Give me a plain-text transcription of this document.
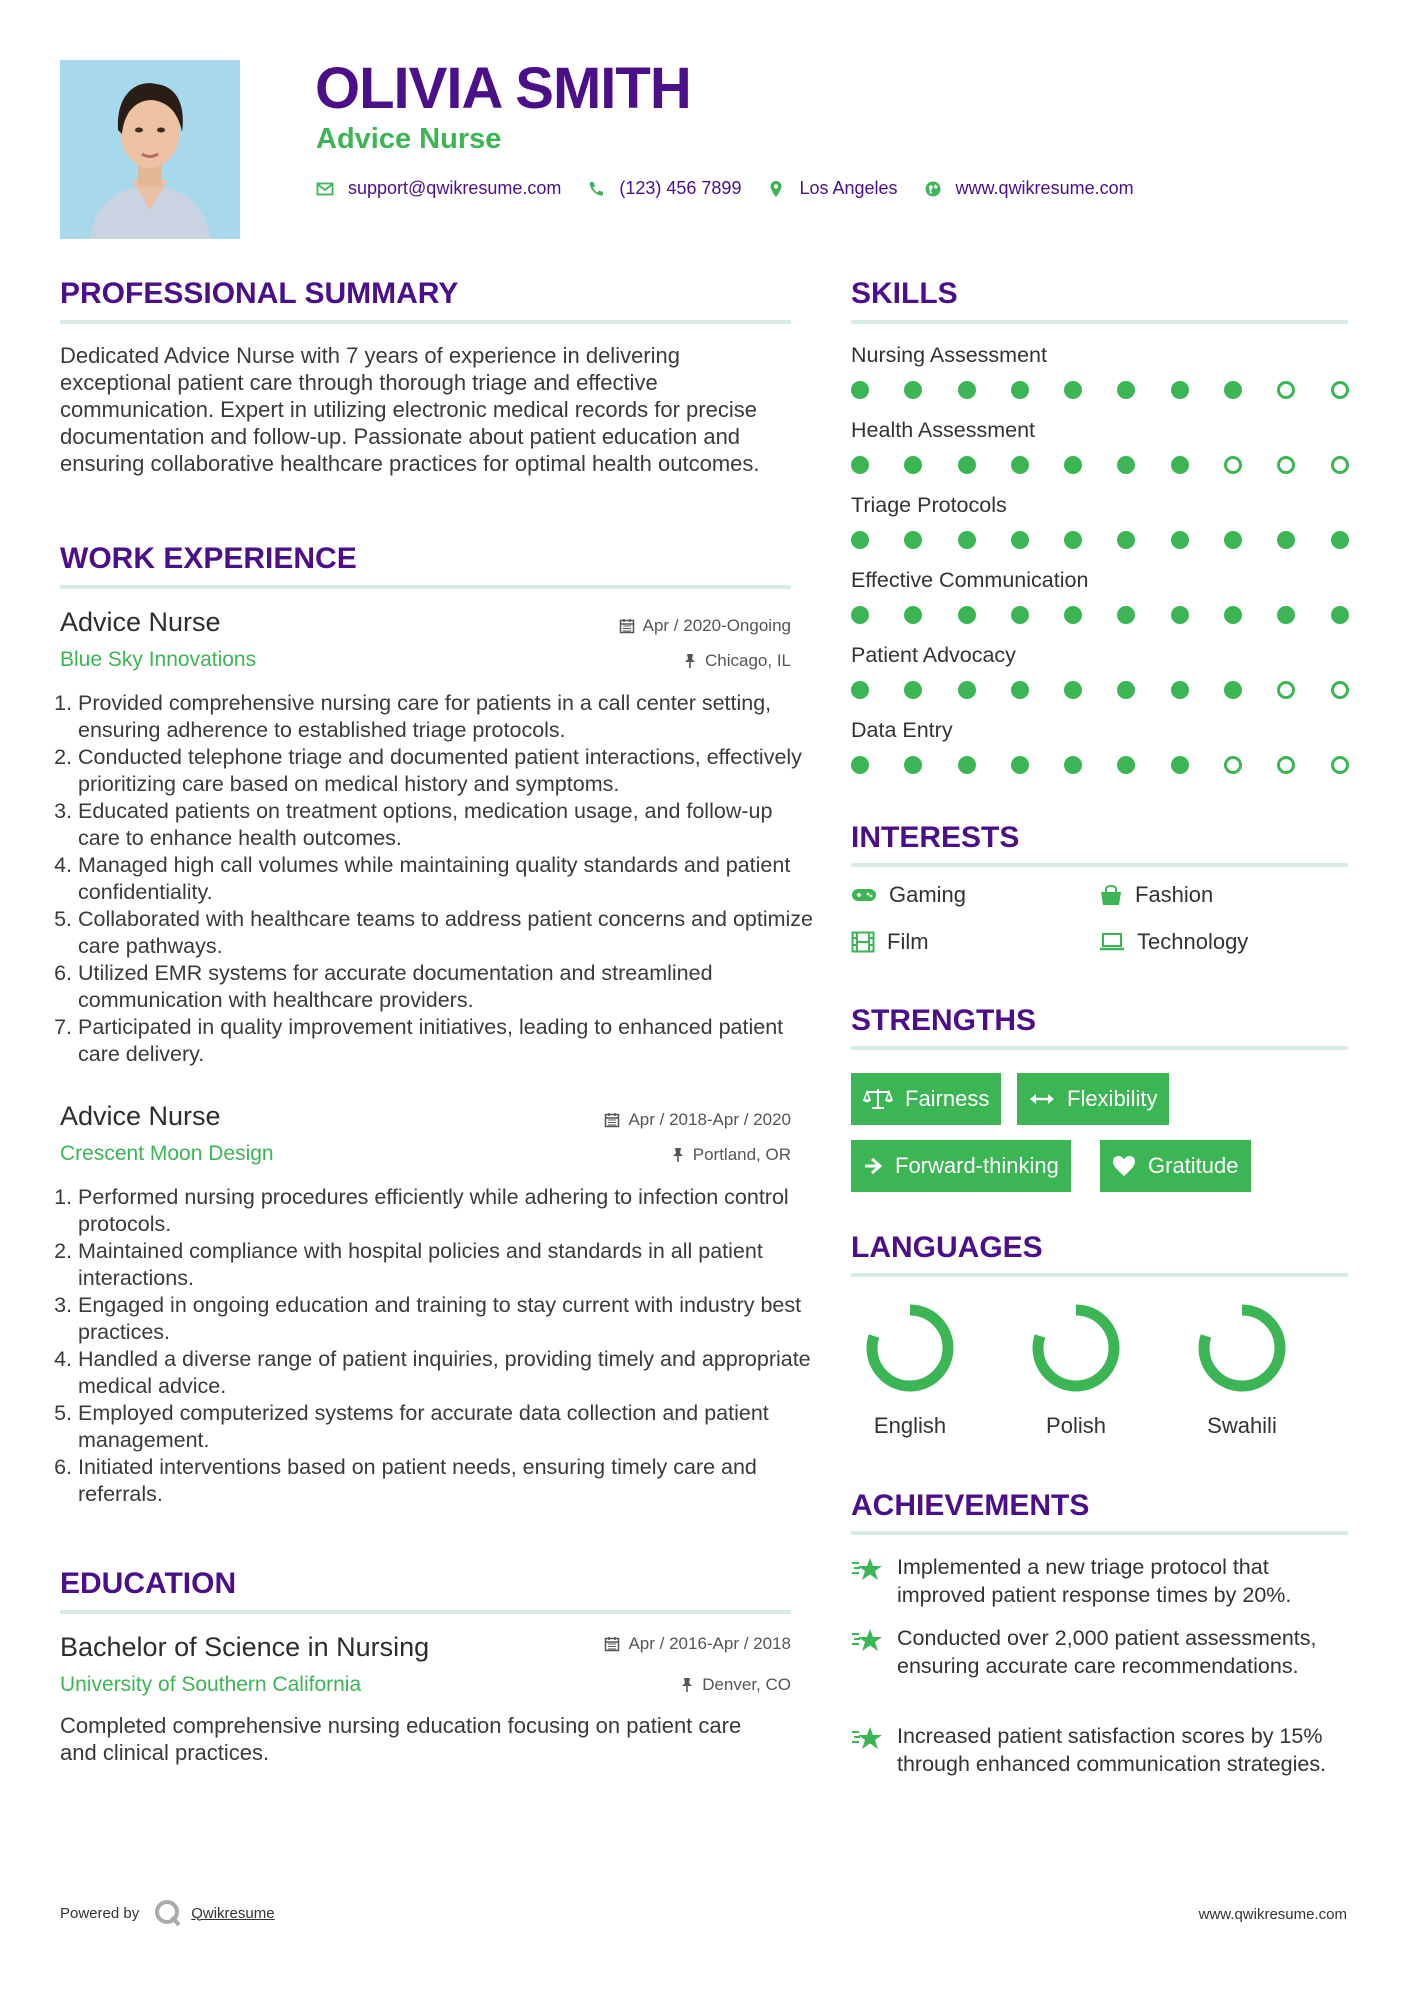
OLIVIA SMITH
Advice Nurse
support@qwikresume.com	(123) 456 7899	Los Angeles	www.qwikresume.com
PROFESSIONAL SUMMARY

Dedicated Advice Nurse with 7 years of experience in delivering exceptional patient care through thorough triage and effective communication. Expert in utilizing electronic medical records for precise documentation and follow-up. Passionate about patient education and ensuring collaborative healthcare practices for optimal health outcomes.

WORK EXPERIENCE
Advice Nurse
Blue Sky Innovations
Apr / 2020-Ongoing
Chicago, IL
1. Provided comprehensive nursing care for patients in a call center setting, ensuring adherence to established triage protocols.
2. Conducted telephone triage and documented patient interactions, effectively prioritizing care based on medical history and symptoms.
3. Educated patients on treatment options, medication usage, and follow-up care to enhance health outcomes.
4. Managed high call volumes while maintaining quality standards and patient confidentiality.
5. Collaborated with healthcare teams to address patient concerns and optimize care pathways.
6. Utilized EMR systems for accurate documentation and streamlined communication with healthcare providers.
7. Participated in quality improvement initiatives, leading to enhanced patient care delivery.
Advice Nurse
Crescent Moon Design
Apr / 2018-Apr / 2020
Portland, OR
1. Performed nursing procedures efficiently while adhering to infection control protocols.
2. Maintained compliance with hospital policies and standards in all patient interactions.
3. Engaged in ongoing education and training to stay current with industry best practices.
4. Handled a diverse range of patient inquiries, providing timely and appropriate medical advice.
5. Employed computerized systems for accurate data collection and patient management.
6. Initiated interventions based on patient needs, ensuring timely care and referrals.
EDUCATION
Bachelor of Science in Nursing
University of Southern California
Apr / 2016-Apr / 2018
Denver, CO

Completed comprehensive nursing education focusing on patient care and clinical practices.

SKILLS
Nursing Assessment
Health Assessment
Triage Protocols
Effective Communication
Patient Advocacy
Data Entry
INTERESTS
Gaming	Fashion
Film	Technology
STRENGTHS
Fairness	Flexibility
Forward-thinking	Gratitude
LANGUAGES
English	Polish	Swahili
ACHIEVEMENTS
Implemented a new triage protocol that improved patient response times by 20%.
Conducted over 2,000 patient assessments, ensuring accurate care recommendations.
Increased patient satisfaction scores by 15% through enhanced communication strategies.
Powered by	Qwikresume	www.qwikresume.com
